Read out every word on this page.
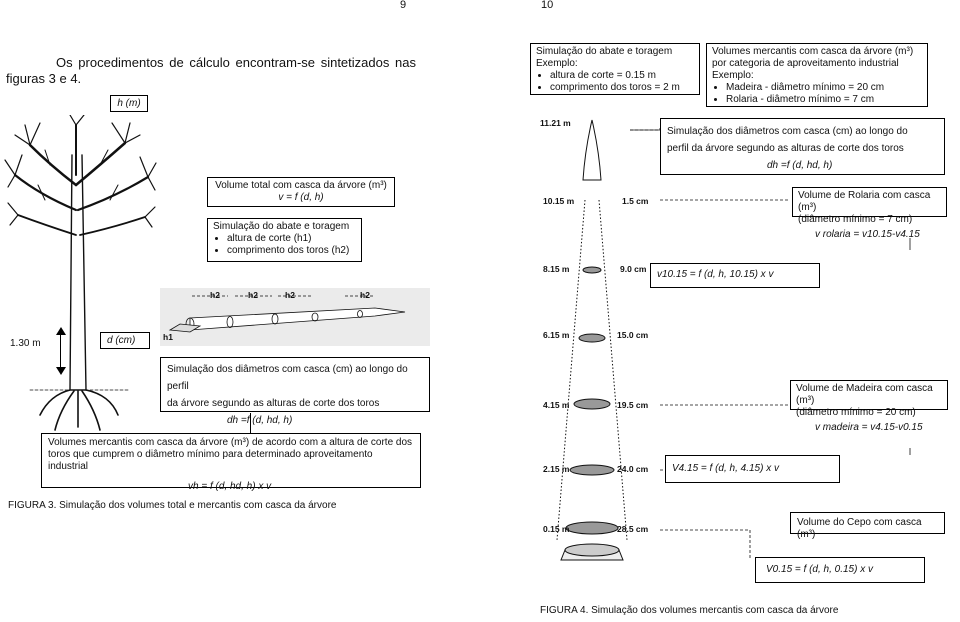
9	10
Os procedimentos de cálculo encontram-se sintetizados nas figuras 3 e 4.
h (m)
1.30 m	d (cm)
Volume total com casca da árvore (m³)
v = f (d, h)
Simulação do abate e toragem
• altura de corte (h1)
• comprimento dos toros (h2)
h2	h2	h2	h2
h1
Simulação dos diâmetros com casca (cm) ao longo do perfil
da árvore segundo as alturas de corte dos toros
dh =f (d, hd, h)
Volumes mercantis com casca da árvore (m³) de acordo com a altura de corte dos
toros que cumprem o diâmetro mínimo para determinado aproveitamento industrial
vh = f (d, hd, h) x v
FIGURA 3. Simulação dos volumes total e mercantis com casca da árvore
Simulação do abate e toragem
Exemplo:
• altura de corte = 0.15 m
• comprimento dos toros = 2 m
Volumes mercantis com casca da árvore (m³)
por categoria de aproveitamento industrial
Exemplo:
• Madeira - diâmetro mínimo = 20 cm
• Rolaria - diâmetro mínimo = 7 cm
11.21 m
10.15 m
8.15 m
6.15 m
4.15 m
2.15 m
0.15 m
1.5 cm
9.0 cm
15.0 cm
19.5 cm
24.0 cm
28.5 cm
Simulação dos diâmetros com casca (cm) ao longo do
perfil da árvore segundo as alturas de corte dos toros
dh =f (d, hd, h)
Volume de Rolaria com casca (m³)
(diâmetro mínimo = 7 cm)
v rolaria = v10.15-v4.15
v10.15 = f (d, h, 10.15) x v
Volume de Madeira com casca (m³)
(diâmetro mínimo = 20 cm)
v madeira = v4.15-v0.15
V4.15 = f (d, h, 4.15) x v
Volume do Cepo com casca (m³)
V0.15 = f (d, h, 0.15) x v
FIGURA 4. Simulação dos volumes mercantis com casca da árvore
